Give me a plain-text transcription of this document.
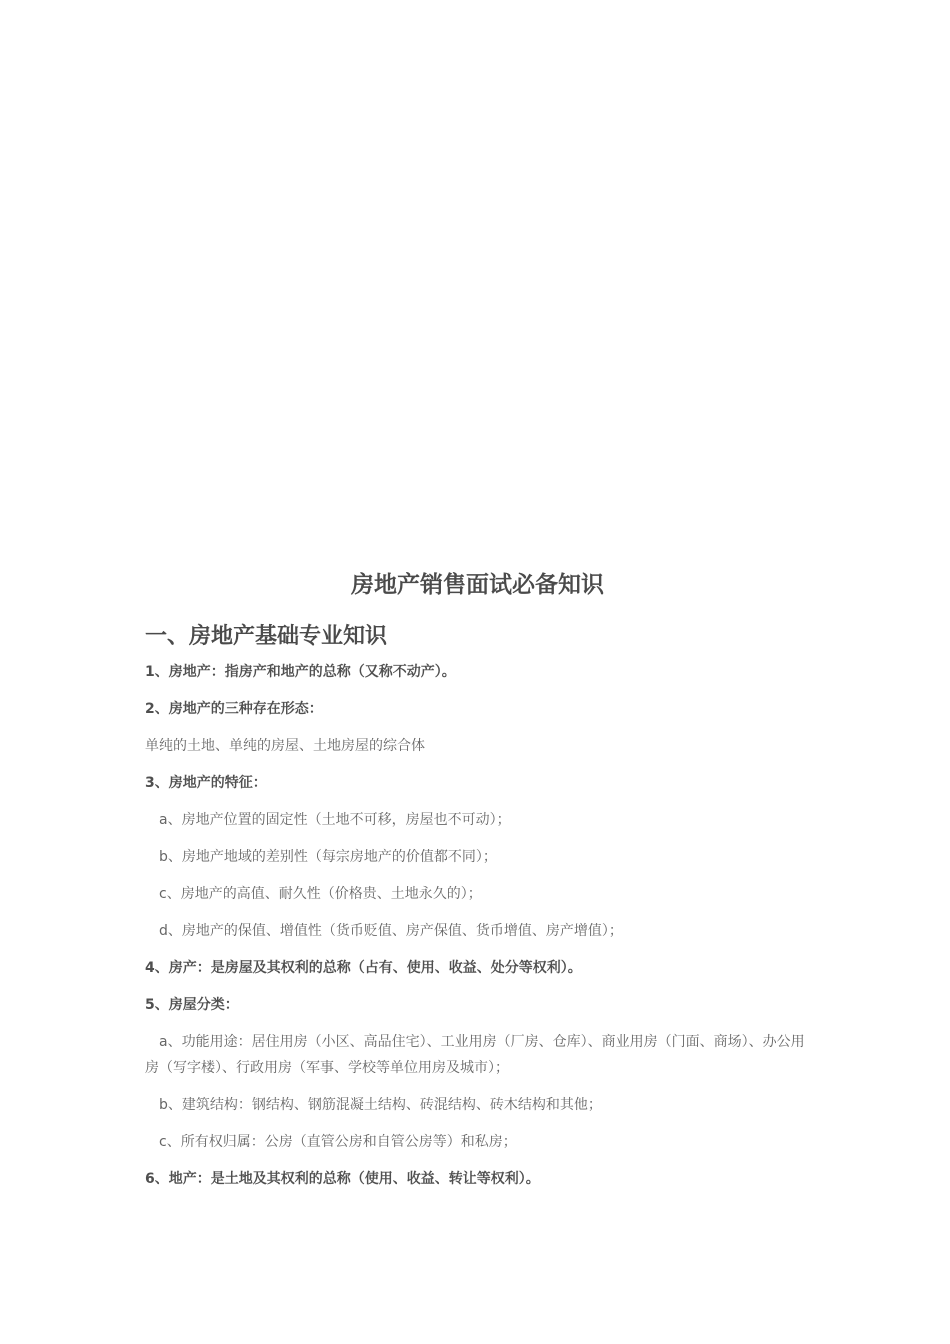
房地产销售面试必备知识
一、房地产基础专业知识

1、房地产：指房产和地产的总称（又称不动产）。

2、房地产的三种存在形态：

单纯的土地、单纯的房屋、土地房屋的综合体

3、房地产的特征：

a、房地产位置的固定性（土地不可移，房屋也不可动）；

b、房地产地域的差别性（每宗房地产的价值都不同）；

c、房地产的高值、耐久性（价格贵、土地永久的）；

d、房地产的保值、增值性（货币贬值、房产保值、货币增值、房产增值）；

4、房产：是房屋及其权利的总称（占有、使用、收益、处分等权利）。

5、房屋分类：

a、功能用途：居住用房（小区、高品住宅）、工业用房（厂房、仓库）、商业用房（门面、商场）、办公用房（写字楼）、行政用房（军事、学校等单位用房及城市）；

b、建筑结构：钢结构、钢筋混凝土结构、砖混结构、砖木结构和其他；

c、所有权归属：公房（直管公房和自管公房等）和私房；

6、地产：是土地及其权利的总称（使用、收益、转让等权利）。
